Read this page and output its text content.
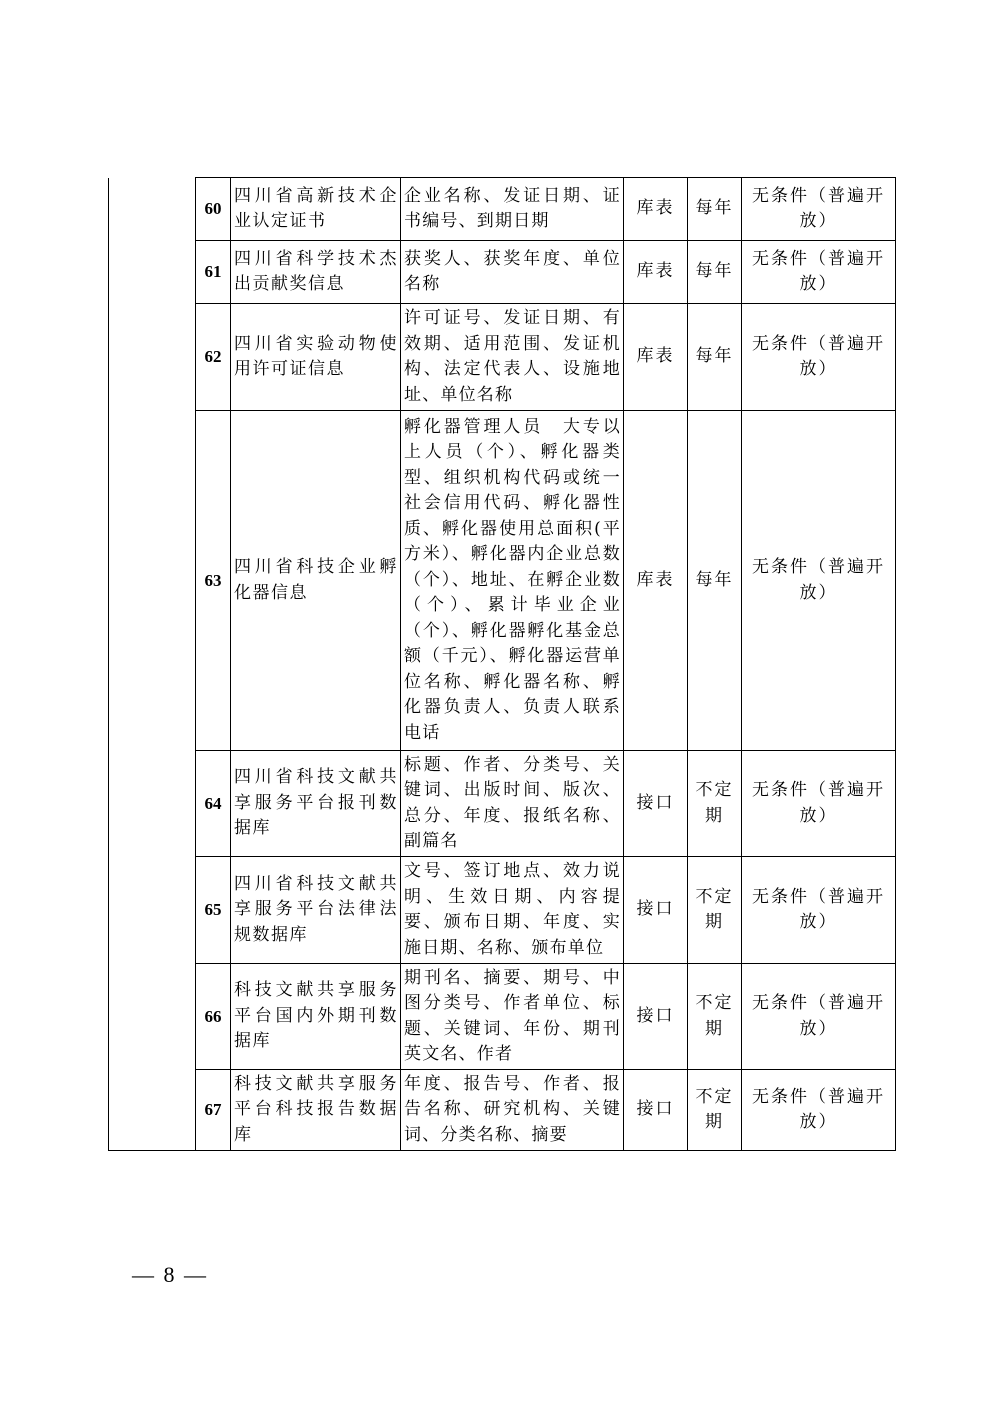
	60	四川省高新技术企业认定证书	企业名称、发证日期、证书编号、到期日期	库表	每年	无条件（普遍开放）
	61	四川省科学技术杰出贡献奖信息	获奖人、获奖年度、单位名称	库表	每年	无条件（普遍开放）
	62	四川省实验动物使用许可证信息	许可证号、发证日期、有效期、适用范围、发证机构、法定代表人、设施地址、单位名称	库表	每年	无条件（普遍开放）
	63	四川省科技企业孵化器信息	孵化器管理人员　大专以上人员（个）、孵化器类型、组织机构代码或统一社会信用代码、孵化器性质、孵化器使用总面积(平方米）、孵化器内企业总数（个）、地址、在孵企业数（个）、累计毕业企业（个）、孵化器孵化基金总额（千元）、孵化器运营单位名称、孵化器名称、孵化器负责人、负责人联系电话	库表	每年	无条件（普遍开放）
	64	四川省科技文献共享服务平台报刊数据库	标题、作者、分类号、关键词、出版时间、版次、总分、年度、报纸名称、副篇名	接口	不定期	无条件（普遍开放）
	65	四川省科技文献共享服务平台法律法规数据库	文号、签订地点、效力说明、生效日期、内容提要、颁布日期、年度、实施日期、名称、颁布单位	接口	不定期	无条件（普遍开放）
	66	科技文献共享服务平台国内外期刊数据库	期刊名、摘要、期号、中图分类号、作者单位、标题、关键词、年份、期刊英文名、作者	接口	不定期	无条件（普遍开放）
	67	科技文献共享服务平台科技报告数据库	年度、报告号、作者、报告名称、研究机构、关键词、分类名称、摘要	接口	不定期	无条件（普遍开放）
— 8 —
